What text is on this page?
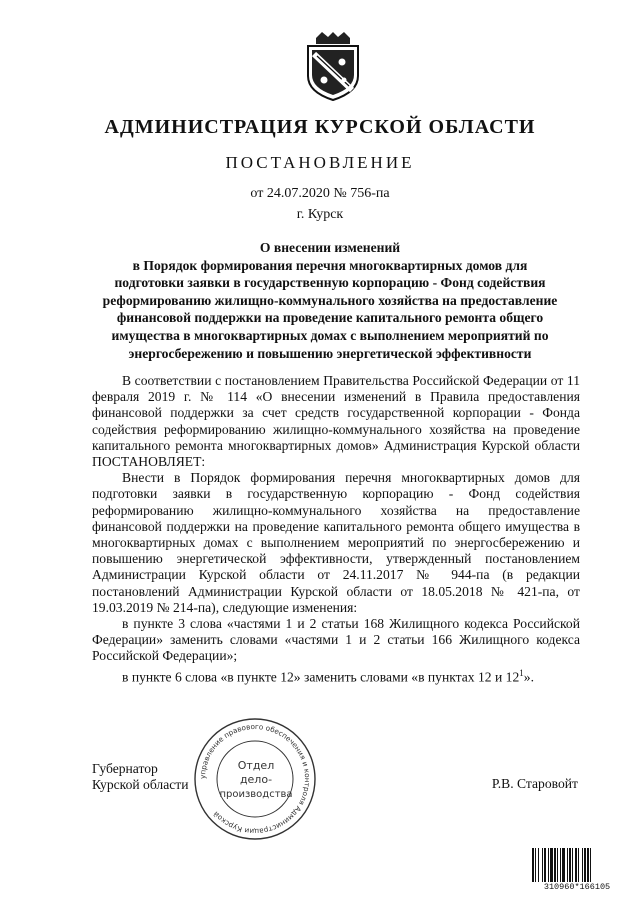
АДМИНИСТРАЦИЯ КУРСКОЙ ОБЛАСТИ
ПОСТАНОВЛЕНИЕ
от 24.07.2020 № 756-па
г. Курск
О внесении изменений
в Порядок формирования перечня многоквартирных домов для
подготовки заявки в государственную корпорацию - Фонд содействия
реформированию жилищно-коммунального хозяйства на предоставление
финансовой поддержки на проведение капитального ремонта общего
имущества в многоквартирных домах с выполнением мероприятий по
энергосбережению и повышению энергетической эффективности

В соответствии с постановлением Правительства Российской Федерации от 11 февраля 2019 г. № 114 «О внесении изменений в Правила предоставления финансовой поддержки за счет средств государственной корпорации - Фонда содействия реформированию жилищно-коммунального хозяйства на проведение капитального ремонта многоквартирных домов» Администрация Курской области ПОСТАНОВЛЯЕТ:

Внести в Порядок формирования перечня многоквартирных домов для подготовки заявки в государственную корпорацию - Фонд содействия реформированию жилищно-коммунального хозяйства на предоставление финансовой поддержки на проведение капитального ремонта общего имущества в многоквартирных домах с выполнением мероприятий по энергосбережению и повышению энергетической эффективности, утвержденный постановлением Администрации Курской области от 24.11.2017 № 944-па (в редакции постановлений Администрации Курской области от 18.05.2018 № 421-па, от 19.03.2019 № 214-па), следующие изменения:

в пункте 3 слова «частями 1 и 2 статьи 168 Жилищного кодекса Российской Федерации» заменить словами «частями 1 и 2 статьи 166 Жилищного кодекса Российской Федерации»;

в пункте 6 слова «в пункте 12» заменить словами «в пунктах 12 и $12^1$».

Губернатор
Курской области	Р.В. Старовойт
управление правового обеспечения и контроля Администрации Курской
Отдел
дело-
производства
310960*166105
